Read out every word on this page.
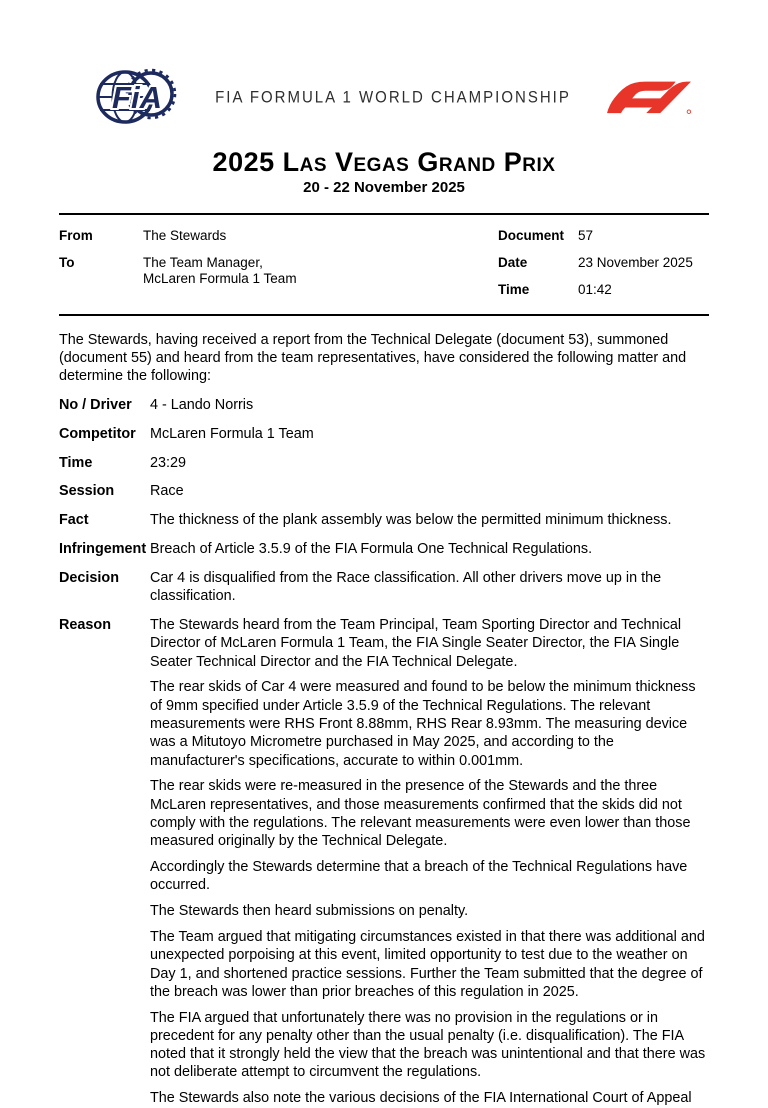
FiA	FIA FORMULA 1 WORLD CHAMPIONSHIP
2025 Las Vegas Grand Prix
20 - 22 November 2025
From	The Stewards
To	The Team Manager,
McLaren Formula 1 Team
Document	57
Date	23 November 2025
Time	01:42

The Stewards, having received a report from the Technical Delegate (document 53), summoned (document 55) and heard from the team representatives, have considered the following matter and determine the following:

No / Driver	4 - Lando Norris
Competitor McLaren Formula 1 Team
Time	23:29
Session	Race
Fact	The thickness of the plank assembly was below the permitted minimum thickness.
Infringement Breach of Article 3.5.9 of the FIA Formula One Technical Regulations.
Decision	Car 4 is disqualified from the Race classification. All other drivers move up in the classification.
Reason	The Stewards heard from the Team Principal, Team Sporting Director and Technical Director of McLaren Formula 1 Team, the FIA Single Seater Director, the FIA Single Seater Technical Director and the FIA Technical Delegate.

The rear skids of Car 4 were measured and found to be below the minimum thickness of 9mm specified under Article 3.5.9 of the Technical Regulations. The relevant measurements were RHS Front 8.88mm, RHS Rear 8.93mm. The measuring device was a Mitutoyo Micrometre purchased in May 2025, and according to the manufacturer's specifications, accurate to within 0.001mm.

The rear skids were re-measured in the presence of the Stewards and the three McLaren representatives, and those measurements confirmed that the skids did not comply with the regulations. The relevant measurements were even lower than those measured originally by the Technical Delegate.

Accordingly the Stewards determine that a breach of the Technical Regulations have occurred.

The Stewards then heard submissions on penalty.

The Team argued that mitigating circumstances existed in that there was additional and unexpected porpoising at this event, limited opportunity to test due to the weather on Day 1, and shortened practice sessions. Further the Team submitted that the degree of the breach was lower than prior breaches of this regulation in 2025.

The FIA argued that unfortunately there was no provision in the regulations or in precedent for any penalty other than the usual penalty (i.e. disqualification). The FIA noted that it strongly held the view that the breach was unintentional and that there was not deliberate attempt to circumvent the regulations.

The Stewards also note the various decisions of the FIA International Court of Appeal
